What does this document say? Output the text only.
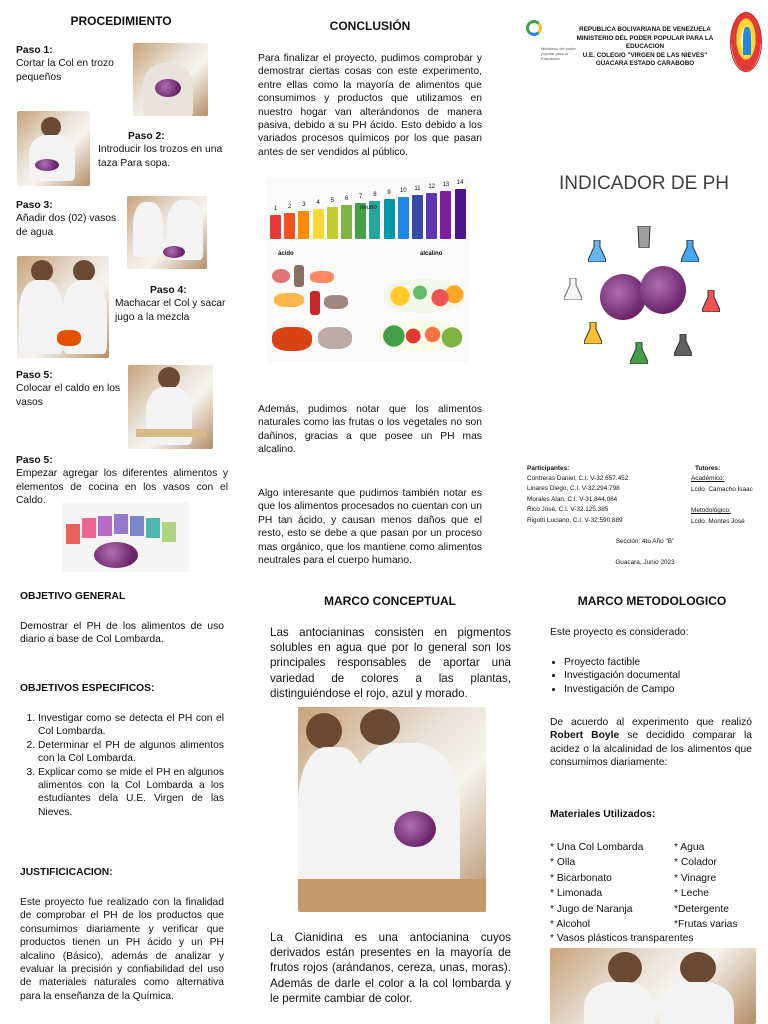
PROCEDIMIENTO
Paso 1:
Cortar la Col en trozo pequeños
Paso 2:
Introducir los trozos en una taza Para sopa.
Paso 3:
Añadir dos (02) vasos de agua
Paso 4:
Machacar el Col y sacar jugo a la mezcla
Paso 5:
Colocar el caldo en los vasos
Paso 5:
Empezar agregar los diferentes alimentos y elementos de cocina en los vasos con el Caldo.
CONCLUSIÓN
Para finalizar el proyecto, pudimos comprobar y demostrar ciertas cosas con este experimento, entre ellas como la mayoría de alimentos que consumimos y productos que utilizamos en nuestro hogar van alterándonos de manera pasiva, debido a su PH ácido. Esto debido a los variados procesos químicos por los que pasan antes de ser vendidos al público.
1	2	3	4	5	6	7	8	9	10	11	12	13	14
neutro
ácido	alcalino
Además, pudimos notar que los alimentos naturales como las frutas o los vegetales no son dañinos, gracias a que posee un PH mas alcalino.
Algo interesante que pudimos también notar es que los alimentos procesados no cuentan con un PH tan ácido, y causan menos daños que el resto, esto se debe a que pasan por un proceso mas orgánico, que los mantiene como alimentos neutrales para el cuerpo humano.
Ministerio del poder popular para la Educación
REPUBLICA BOLIVARIANA DE VENEZUELA
MINISTERIO DEL PODER POPULAR PARA LA EDUCACION
U.E. COLEGIO "VIRGEN DE LAS NIEVES"
GUACARA ESTADO CARABOBO
INDICADOR DE PH
Participantes:
Contreras Daniel, C.I. V-32.657.452
Linares Diego, C.I. V-32.294.798
Morales Alan, C.I. V-31.844.084
Rico José, C.I. V-32.125.385
Rigotti Luciano, C.I. V-32.590.889
Tutores:
Académico:
Lcdo. Camacho Isaac
Metodológico:
Lcdo. Montes José
Sección: 4to Año "B"
Guacara, Junio 2023
OBJETIVO GENERAL
Demostrar el PH de los alimentos de uso diario a base de Col Lombarda.
OBJETIVOS ESPECIFICOS:
1. Investigar como se detecta el PH con el Col Lombarda.
2. Determinar el PH de algunos alimentos con la Col Lombarda.
3. Explicar como se mide el PH en algunos alimentos con la Col Lombarda a los estudiantes dela U.E. Virgen de las Nieves.
JUSTIFICICACION:
Este proyecto fue realizado con la finalidad de comprobar el PH de los productos que consumimos diariamente y verificar que productos tienen un PH ácido y un PH alcalino (Básico), además de analizar y evaluar la precisión y confiabilidad del uso de materiales naturales como alternativa para la enseñanza de la Química.
MARCO CONCEPTUAL
Las antocianinas consisten en pigmentos solubles en agua que por lo general son los principales responsables de aportar una variedad de colores a las plantas, distinguiéndose el rojo, azul y morado.
La Cianidina es una antocianina cuyos derivados están presentes en la mayoría de frutos rojos (arándanos, cereza, unas, moras). Además de darle el color a la col lombarda y le permite cambiar de color.
MARCO METODOLOGICO
Este proyecto es considerado:
• Proyecto factible
• Investigación documental
• Investigación de Campo
De acuerdo al experimento que realizó Robert Boyle se decidido comparar la acidez o la alcalinidad de los alimentos que consumimos diariamente:
Materiales Utilizados:
* Una Col Lombarda
* Olla
* Bicarbonato
* Limonada
* Jugo de Naranja
* Alcohol
* Agua
* Colador
* Vinagre
* Leche
*Detergente
*Frutas varias
* Vasos plásticos transparentes
